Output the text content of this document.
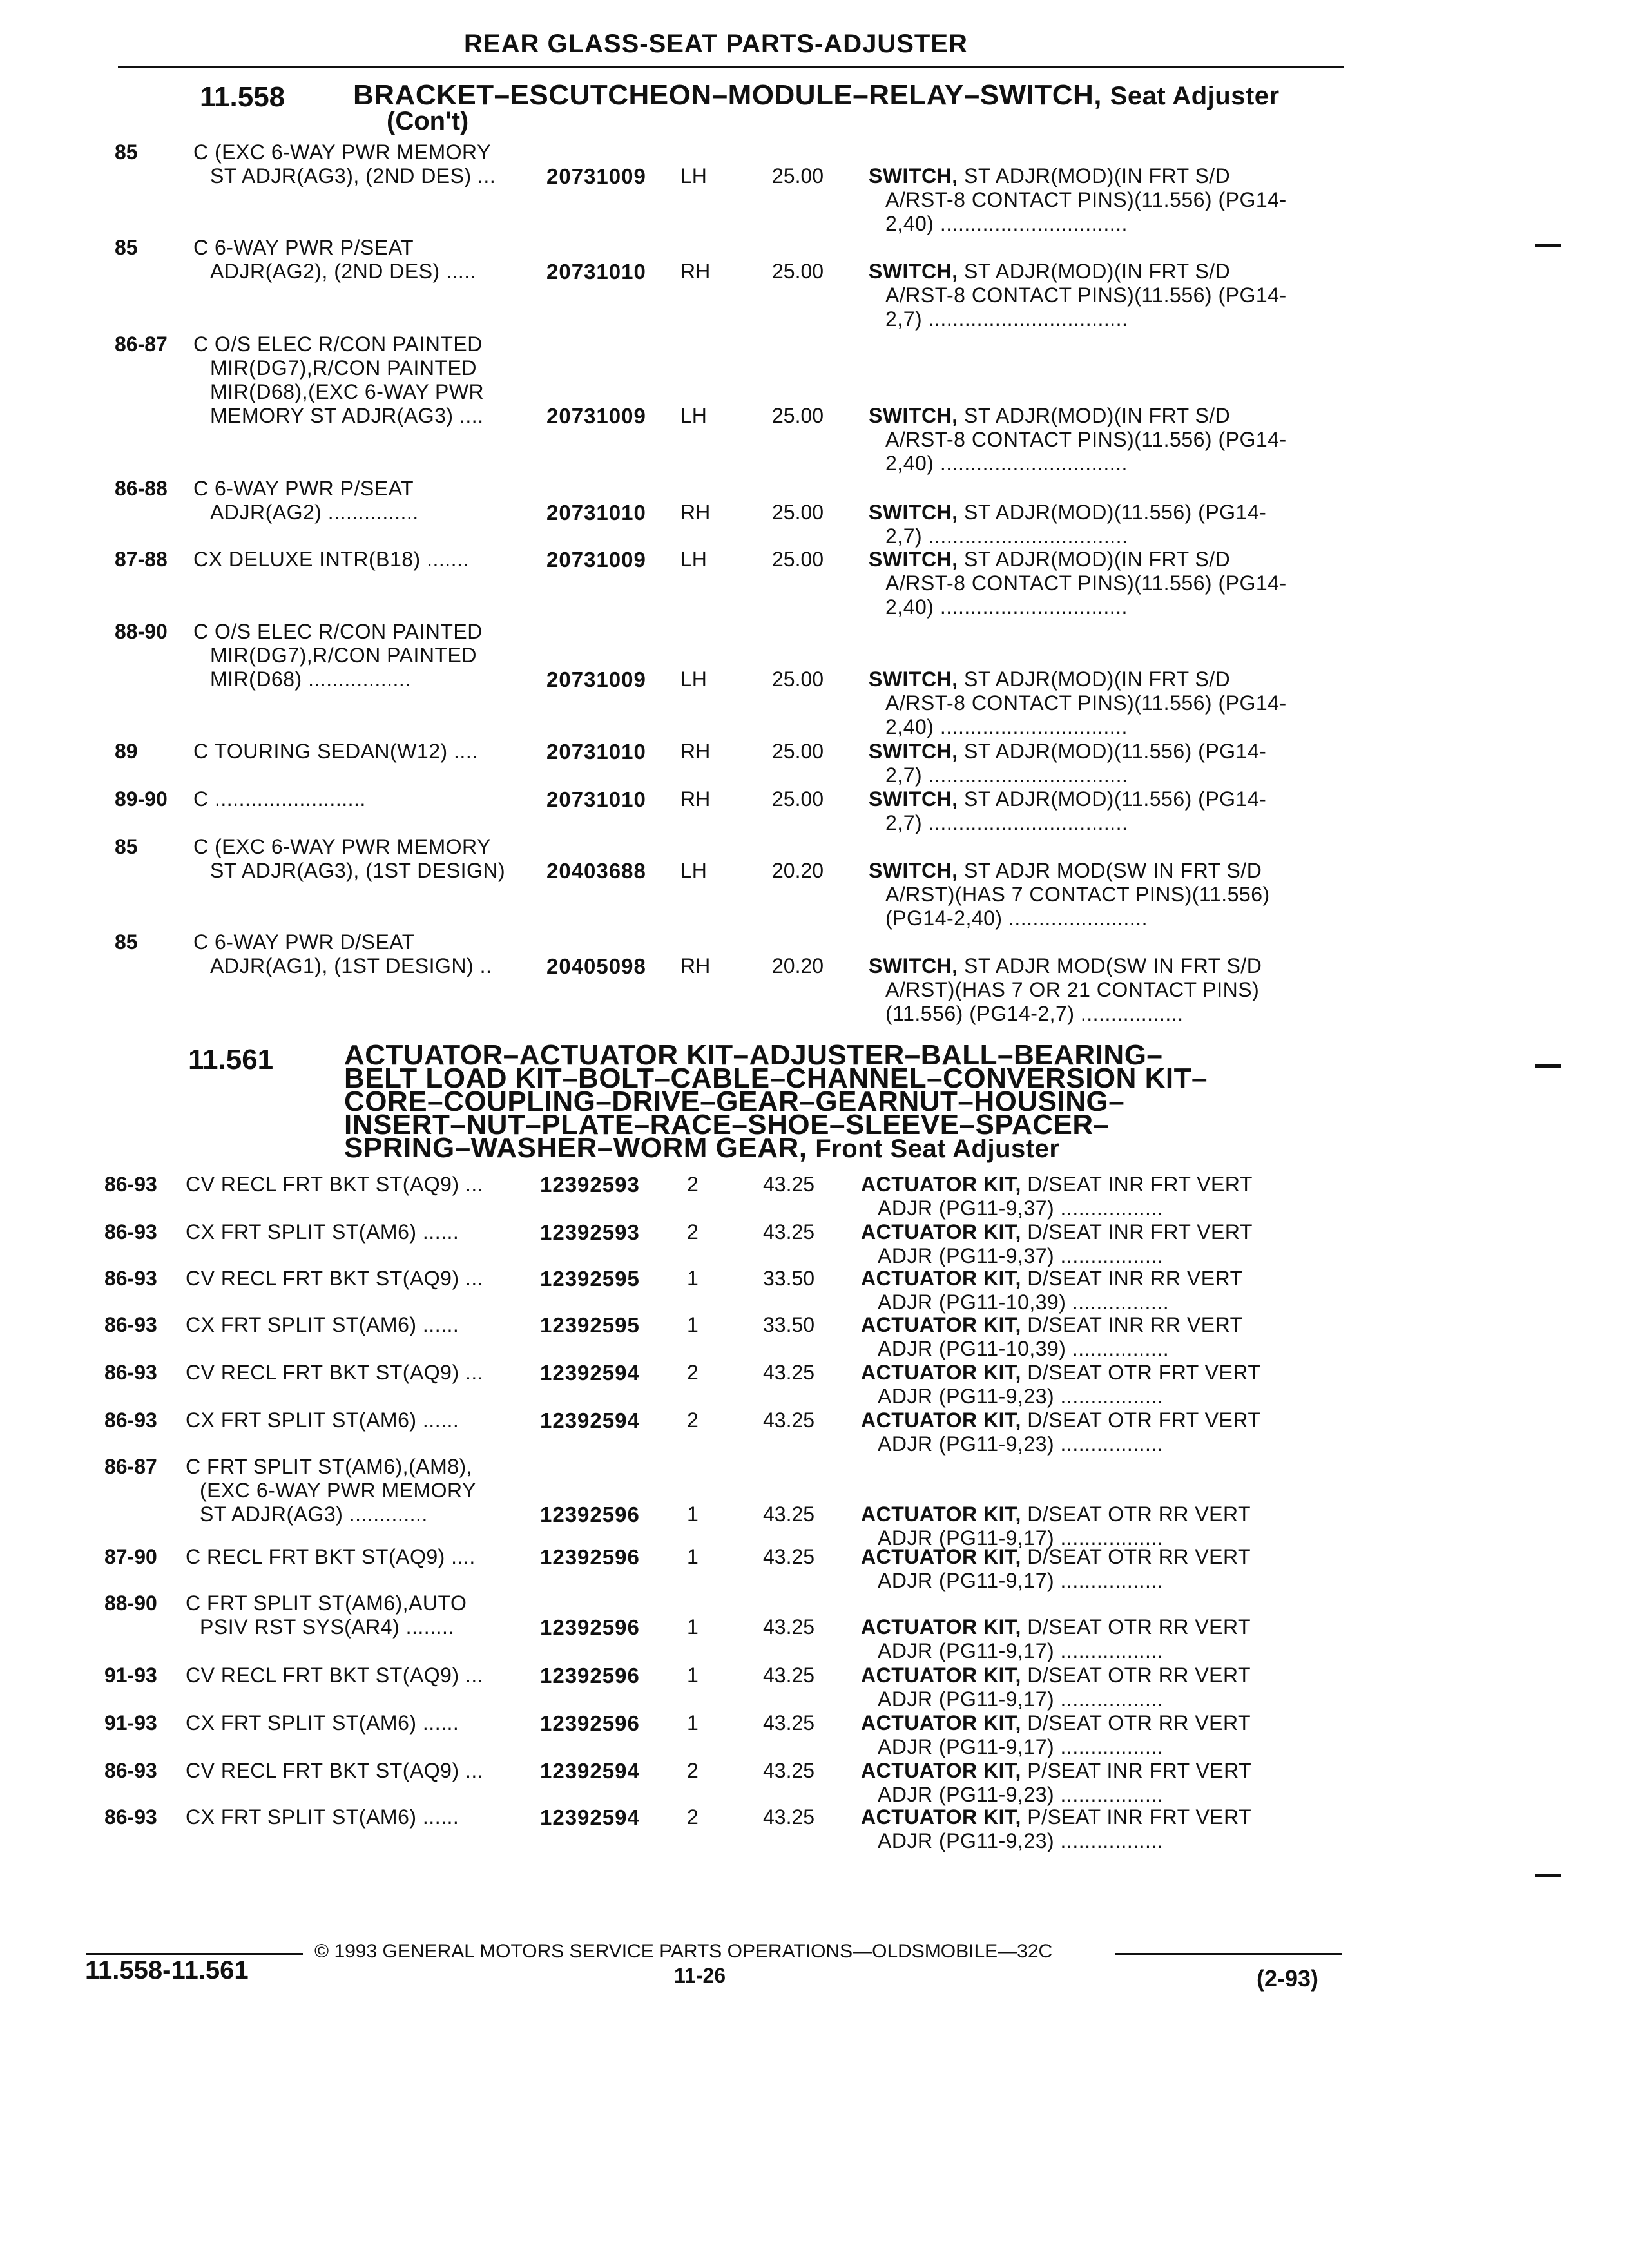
REAR GLASS-SEAT PARTS-ADJUSTER
11.558 BRACKET–ESCUTCHEON–MODULE–RELAY–SWITCH, Seat Adjuster
(Con't)
85	C (EXC 6-WAY PWR MEMORY
ST ADJR(AG3), (2ND DES) ... 20731009 LH	25.00 SWITCH, ST ADJR(MOD)(IN FRT S/D
A/RST-8 CONTACT PINS)(11.556) (PG14-
2,40) ...............................
85	C 6-WAY PWR P/SEAT
ADJR(AG2), (2ND DES) .....	20731010 RH	25.00 SWITCH, ST ADJR(MOD)(IN FRT S/D
A/RST-8 CONTACT PINS)(11.556) (PG14-
2,7) .................................
86-87 C O/S ELEC R/CON PAINTED
MIR(DG7),R/CON PAINTED
MIR(D68),(EXC 6-WAY PWR
MEMORY ST ADJR(AG3) ....	20731009 LH	25.00 SWITCH, ST ADJR(MOD)(IN FRT S/D
A/RST-8 CONTACT PINS)(11.556) (PG14-
2,40) ...............................
86-88 C 6-WAY PWR P/SEAT
ADJR(AG2) ...............	20731010 RH	25.00 SWITCH, ST ADJR(MOD)(11.556) (PG14-
2,7) .................................
87-88 CX DELUXE INTR(B18) .......	20731009 LH	25.00 SWITCH, ST ADJR(MOD)(IN FRT S/D
A/RST-8 CONTACT PINS)(11.556) (PG14-
2,40) ...............................
88-90 C O/S ELEC R/CON PAINTED
MIR(DG7),R/CON PAINTED
MIR(D68) .................	20731009 LH	25.00 SWITCH, ST ADJR(MOD)(IN FRT S/D
A/RST-8 CONTACT PINS)(11.556) (PG14-
2,40) ...............................
89	C TOURING SEDAN(W12) ....	20731010 RH	25.00 SWITCH, ST ADJR(MOD)(11.556) (PG14-
2,7) .................................
89-90 C .........................	20731010 RH	25.00 SWITCH, ST ADJR(MOD)(11.556) (PG14-
2,7) .................................
85	C (EXC 6-WAY PWR MEMORY
ST ADJR(AG3), (1ST DESIGN) 20403688 LH	20.20 SWITCH, ST ADJR MOD(SW IN FRT S/D
A/RST)(HAS 7 CONTACT PINS)(11.556)
(PG14-2,40) .......................
85	C 6-WAY PWR D/SEAT
ADJR(AG1), (1ST DESIGN) ..	20405098 RH	20.20 SWITCH, ST ADJR MOD(SW IN FRT S/D
A/RST)(HAS 7 OR 21 CONTACT PINS)
(11.556) (PG14-2,7) .................
11.561 ACTUATOR–ACTUATOR KIT–ADJUSTER–BALL–BEARING–
BELT LOAD KIT–BOLT–CABLE–CHANNEL–CONVERSION KIT–
CORE–COUPLING–DRIVE–GEAR–GEARNUT–HOUSING–
INSERT–NUT–PLATE–RACE–SHOE–SLEEVE–SPACER–
SPRING–WASHER–WORM GEAR, Front Seat Adjuster
86-93 CV RECL FRT BKT ST(AQ9) ...	12392593 2	43.25 ACTUATOR KIT, D/SEAT INR FRT VERT
ADJR (PG11-9,37) .................
86-93 CX FRT SPLIT ST(AM6) ......	12392593 2	43.25 ACTUATOR KIT, D/SEAT INR FRT VERT
ADJR (PG11-9,37) .................
86-93 CV RECL FRT BKT ST(AQ9) ...	12392595 1	33.50 ACTUATOR KIT, D/SEAT INR RR VERT
ADJR (PG11-10,39) ................
86-93 CX FRT SPLIT ST(AM6) ......	12392595 1	33.50 ACTUATOR KIT, D/SEAT INR RR VERT
ADJR (PG11-10,39) ................
86-93 CV RECL FRT BKT ST(AQ9) ...	12392594 2	43.25 ACTUATOR KIT, D/SEAT OTR FRT VERT
ADJR (PG11-9,23) .................
86-93 CX FRT SPLIT ST(AM6) ......	12392594 2	43.25 ACTUATOR KIT, D/SEAT OTR FRT VERT
ADJR (PG11-9,23) .................
86-87 C FRT SPLIT ST(AM6),(AM8),
(EXC 6-WAY PWR MEMORY
ST ADJR(AG3) .............	12392596 1	43.25 ACTUATOR KIT, D/SEAT OTR RR VERT
ADJR (PG11-9,17) .................
87-90 C RECL FRT BKT ST(AQ9) ....	12392596 1	43.25 ACTUATOR KIT, D/SEAT OTR RR VERT
ADJR (PG11-9,17) .................
88-90 C FRT SPLIT ST(AM6),AUTO
PSIV RST SYS(AR4) ........	12392596 1	43.25 ACTUATOR KIT, D/SEAT OTR RR VERT
ADJR (PG11-9,17) .................
91-93 CV RECL FRT BKT ST(AQ9) ...	12392596 1	43.25 ACTUATOR KIT, D/SEAT OTR RR VERT
ADJR (PG11-9,17) .................
91-93 CX FRT SPLIT ST(AM6) ......	12392596 1	43.25 ACTUATOR KIT, D/SEAT OTR RR VERT
ADJR (PG11-9,17) .................
86-93 CV RECL FRT BKT ST(AQ9) ...	12392594 2	43.25 ACTUATOR KIT, P/SEAT INR FRT VERT
ADJR (PG11-9,23) .................
86-93 CX FRT SPLIT ST(AM6) ......	12392594 2	43.25 ACTUATOR KIT, P/SEAT INR FRT VERT
ADJR (PG11-9,23) .................
© 1993 GENERAL MOTORS SERVICE PARTS OPERATIONS—OLDSMOBILE—32C
11.558-11.561	11-26	(2-93)
